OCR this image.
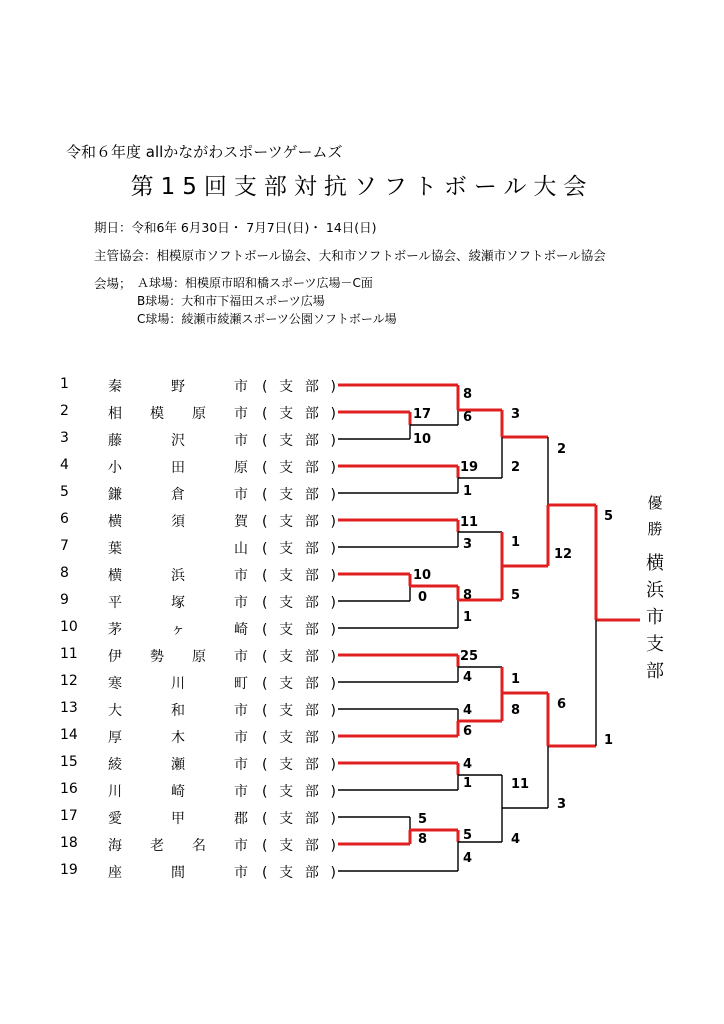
令和６年度 allかながわスポーツゲームズ
第15回支部対抗ソフトボール大会
期日：令和6年 6月30日・ 7月7日(日)・ 14日(日)
主管協会：相模原市ソフトボール協会、大和市ソフトボール協会、綾瀬市ソフトボール協会
会場； Ａ球場：相模原市昭和橋スポーツ広場－C面
B球場：大和市下福田スポーツ広場
C球場：綾瀬市綾瀬スポーツ公園ソフトボール場
1	秦野市 (支部)
2	相模原市 (支部)
3	藤沢市 (支部)
4	小田原 (支部)
5	鎌倉市 (支部)
6	横須賀 (支部)
7	葉山 (支部)
8	横浜市 (支部)
9	平塚市 (支部)
10 茅ヶ崎 (支部)
11 伊勢原市 (支部)
12 寒川町 (支部)
13 大和市 (支部)
14 厚木市 (支部)
15 綾瀬市 (支部)
16 川崎市 (支部)
17 愛甲郡 (支部)
18 海老名市 (支部)
19 座間市 (支部)
8
17 6
10
3
19	2
1
2
11
3	1
10
12
5
0	8	5
1
25
4	1
6
4	8
6
1
4
11
1
3
5
8	5	4
4
優
勝
横
浜
市
支
部
